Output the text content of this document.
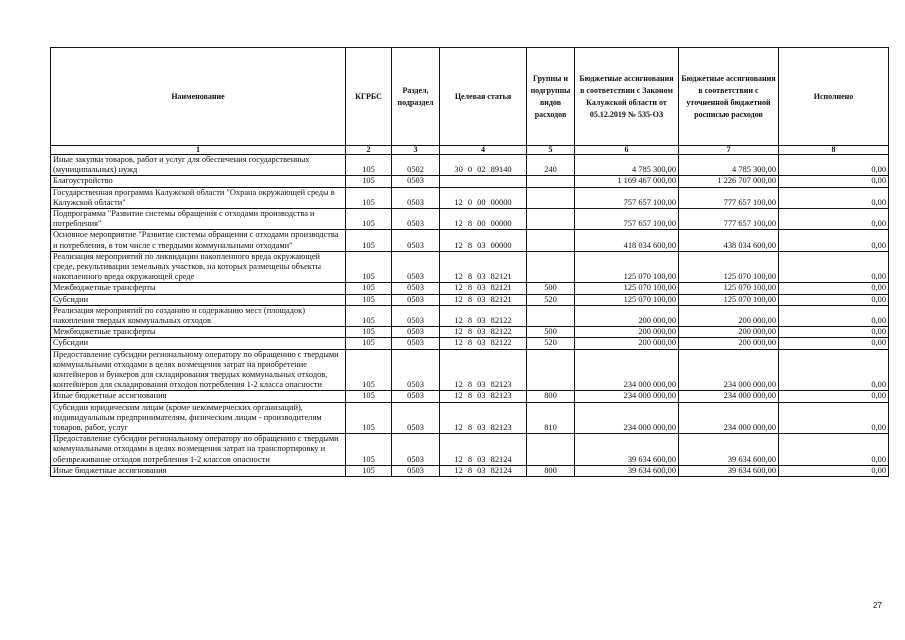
Наименование	КГРБС	Раздел, подраздел	Целевая статья	Группы и подгруппы видов расходов	Бюджетные ассигнования в соответствии с Законом Калужской области от 05.12.2019 № 535-ОЗ	Бюджетные ассигнования в соответствии с уточненной бюджетной росписью расходов	Исполнено
1	2	3	4	5	6	7	8
Иные закупки товаров, работ и услуг для обеспечения государственных (муниципальных) нужд	105	0502	30 0 02 89140	240	4 785 300,00	4 785 300,00	0,00
Благоустройство	105	0503			1 169 467 000,00	1 226 707 000,00	0,00
Государственная программа Калужской области "Охрана окружающей среды в Калужской области"	105	0503	12 0 00 00000		757 657 100,00	777 657 100,00	0,00
Подпрограмма "Развитие системы обращения с отходами производства и потребления"	105	0503	12 8 00 00000		757 657 100,00	777 657 100,00	0,00
Основное мероприятие "Развитие системы обращения с отходами производства и потребления, в том числе с твердыми коммунальными отходами"	105	0503	12 8 03 00000		418 034 600,00	438 034 600,00	0,00
Реализация мероприятий по ликвидации накопленного вреда окружающей среде, рекультивации земельных участков, на которых размещены объекты накопленного вреда окружающей среде	105	0503	12 8 03 82121		125 070 100,00	125 070 100,00	0,00
Межбюджетные трансферты	105	0503	12 8 03 82121	500	125 070 100,00	125 070 100,00	0,00
Субсидии	105	0503	12 8 03 82121	520	125 070 100,00	125 070 100,00	0,00
Реализация мероприятий по созданию и содержанию мест (площадок) накопления твердых коммунальных отходов	105	0503	12 8 03 82122		200 000,00	200 000,00	0,00
Межбюджетные трансферты	105	0503	12 8 03 82122	500	200 000,00	200 000,00	0,00
Субсидии	105	0503	12 8 03 82122	520	200 000,00	200 000,00	0,00
Предоставление субсидии региональному оператору по обращению с твердыми коммунальными отходами в целях возмещения затрат на приобретение контейнеров и бункеров для складирования твердых коммунальных отходов, контейнеров для складирования отходов потребления 1-2 класса опасности	105	0503	12 8 03 82123		234 000 000,00	234 000 000,00	0,00
Иные бюджетные ассигнования	105	0503	12 8 03 82123	800	234 000 000,00	234 000 000,00	0,00
Субсидии юридическим лицам (кроме некоммерческих организаций), индивидуальным предпринимателям, физическим лицам - производителям товаров, работ, услуг	105	0503	12 8 03 82123	810	234 000 000,00	234 000 000,00	0,00
Предоставление субсидии региональному оператору по обращению с твердыми коммунальными отходами в целях возмещения затрат на транспортировку и обезвреживание отходов потребления 1-2 классов опасности	105	0503	12 8 03 82124		39 634 600,00	39 634 600,00	0,00
Иные бюджетные ассигнования	105	0503	12 8 03 82124	800	39 634 600,00	39 634 600,00	0,00
27
